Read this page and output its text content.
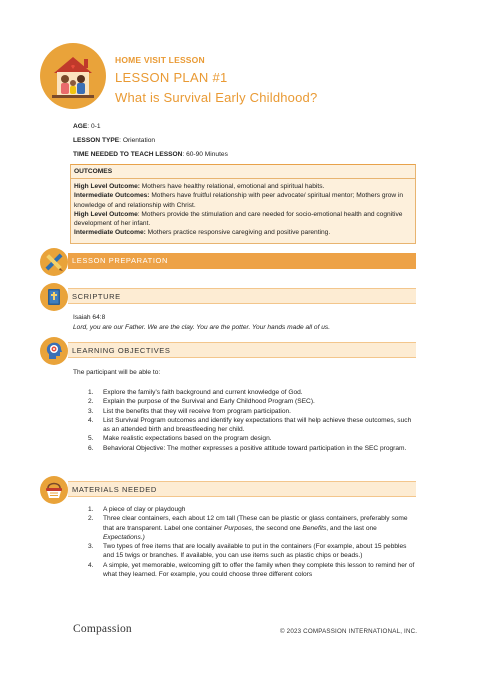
HOME VISIT LESSON
LESSON PLAN #1
What is Survival Early Childhood?
AGE: 0-1
LESSON TYPE: Orientation
TIME NEEDED TO TEACH LESSON: 60-90 Minutes
OUTCOMES
High Level Outcome: Mothers have healthy relational, emotional and spiritual habits.
Intermediate Outcomes: Mothers have fruitful relationship with peer advocate/ spiritual mentor; Mothers grow in knowledge of and relationship with Christ.
High Level Outcome: Mothers provide the stimulation and care needed for socio-emotional health and cognitive development of her infant.
Intermediate Outcome: Mothers practice responsive caregiving and positive parenting.
LESSON PREPARATION
SCRIPTURE
Isaiah 64:8
Lord, you are our Father. We are the clay. You are the potter. Your hands made all of us.
LEARNING OBJECTIVES
The participant will be able to:
1. Explore the family’s faith background and current knowledge of God.
2. Explain the purpose of the Survival and Early Childhood Program (SEC).
3. List the benefits that they will receive from program participation.
4. List Survival Program outcomes and identify key expectations that will help achieve these outcomes, such as an attended birth and breastfeeding her child.
5. Make realistic expectations based on the program design.
6. Behavioral Objective: The mother expresses a positive attitude toward participation in the SEC program.
MATERIALS NEEDED
1. A piece of clay or playdough
2. Three clear containers, each about 12 cm tall (These can be plastic or glass containers, preferably some that are transparent. Label one container Purposes, the second one Benefits, and the last one Expectations.)
3. Two types of free items that are locally available to put in the containers (For example, about 15 pebbles and 15 twigs or branches. If available, you can use items such as plastic chips or beads.)
4. A simple, yet memorable, welcoming gift to offer the family when they complete this lesson to remind her of what they learned. For example, you could choose three different colors
Compassion	© 2023 COMPASSION INTERNATIONAL, INC.
